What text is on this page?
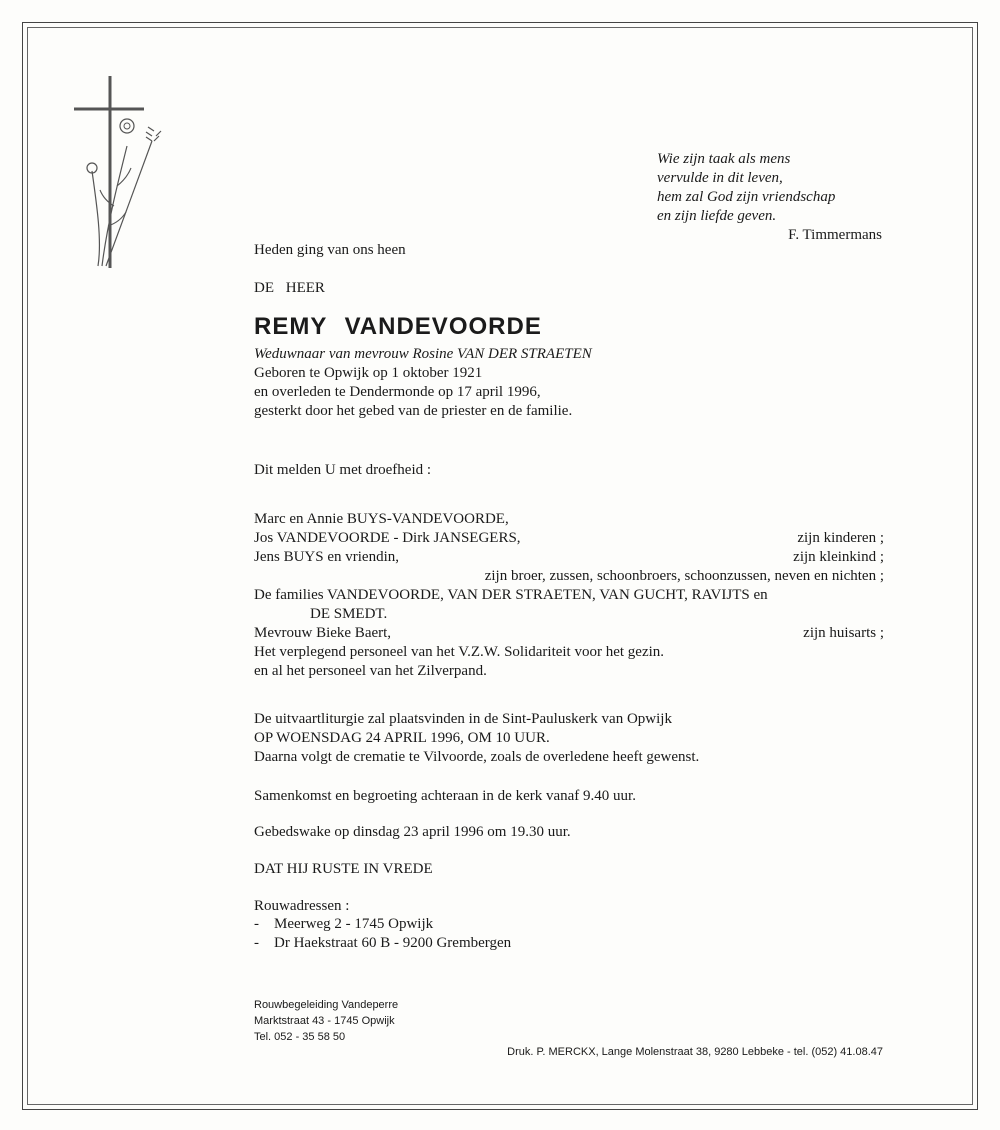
Wie zijn taak als mens
vervulde in dit leven,
hem zal God zijn vriendschap
en zijn liefde geven.
F. Timmermans
Heden ging van ons heen
DE HEER
REMY VANDEVOORDE
Weduwnaar van mevrouw Rosine VAN DER STRAETEN
Geboren te Opwijk op 1 oktober 1921
en overleden te Dendermonde op 17 april 1996,
gesterkt door het gebed van de priester en de familie.
Dit melden U met droefheid :
Marc en Annie BUYS-VANDEVOORDE,
Jos VANDEVOORDE - Dirk JANSEGERS,	zijn kinderen ;
Jens BUYS en vriendin,	zijn kleinkind ;
zijn broer, zussen, schoonbroers, schoonzussen, neven en nichten ;
De families VANDEVOORDE, VAN DER STRAETEN, VAN GUCHT, RAVIJTS en
DE SMEDT.
Mevrouw Bieke Baert,	zijn huisarts ;
Het verplegend personeel van het V.Z.W. Solidariteit voor het gezin.
en al het personeel van het Zilverpand.
De uitvaartliturgie zal plaatsvinden in de Sint-Pauluskerk van Opwijk
OP WOENSDAG 24 APRIL 1996, OM 10 UUR.
Daarna volgt de crematie te Vilvoorde, zoals de overledene heeft gewenst.
Samenkomst en begroeting achteraan in de kerk vanaf 9.40 uur.
Gebedswake op dinsdag 23 april 1996 om 19.30 uur.
DAT HIJ RUSTE IN VREDE
Rouwadressen :
- Meerweg 2 - 1745 Opwijk
- Dr Haekstraat 60 B - 9200 Grembergen
Rouwbegeleiding Vandeperre
Marktstraat 43 - 1745 Opwijk
Tel. 052 - 35 58 50
Druk. P. MERCKX, Lange Molenstraat 38, 9280 Lebbeke - tel. (052) 41.08.47
